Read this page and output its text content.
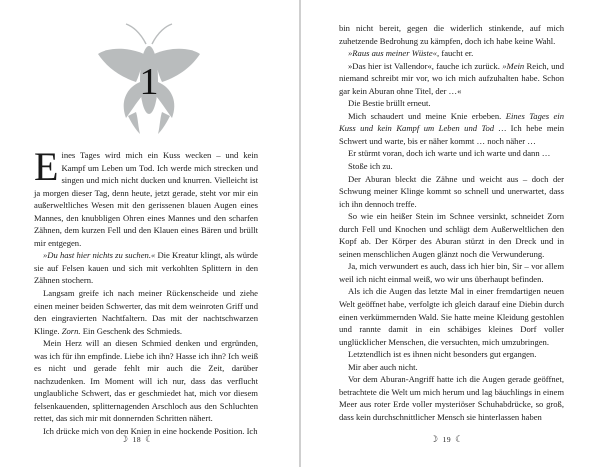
1

Eines Tages wird mich ein Kuss wecken – und kein Kampf um Leben um Tod. Ich werde mich strecken und singen und mich nicht ducken und knurren. Vielleicht ist ja morgen dieser Tag, denn heute, jetzt gerade, steht vor mir ein außerweltliches Wesen mit den gerissenen blauen Augen eines Mannes, den knubbligen Ohren eines Mannes und den scharfen Zähnen, dem kurzen Fell und den Klauen eines Bären und brüllt mir entgegen.

»Du hast hier nichts zu suchen.« Die Kreatur klingt, als würde sie auf Felsen kauen und sich mit verkohlten Splittern in den Zähnen stochern.

Langsam greife ich nach meiner Rückenscheide und ziehe einen meiner beiden Schwerter, das mit dem weinroten Griff und den eingravierten Nachtfaltern. Das mit der nachtschwarzen Klinge. Zorn. Ein Geschenk des Schmieds.

Mein Herz will an diesen Schmied denken und ergründen, was ich für ihn empfinde. Liebe ich ihn? Hasse ich ihn? Ich weiß es nicht und gerade fehlt mir auch die Zeit, darüber nachzudenken. Im Moment will ich nur, dass das verflucht unglaubliche Schwert, das er geschmiedet hat, mich vor diesem felsenkauenden, splitternagenden Arschloch aus den Schluchten rettet, das sich mir mit donnernden Schritten nähert.

Ich drücke mich von den Knien in eine hockende Position. Ich

☽ 18 ☾

bin nicht bereit, gegen die widerlich stinkende, auf mich zuhetzende Bedrohung zu kämpfen, doch ich habe keine Wahl.

»Raus aus meiner Wüste«, faucht er.

»Das hier ist Vallendor«, fauche ich zurück. »Mein Reich, und niemand schreibt mir vor, wo ich mich aufzuhalten habe. Schon gar kein Aburan ohne Titel, der …«

Die Bestie brüllt erneut.

Mich schaudert und meine Knie erbeben. Eines Tages ein Kuss und kein Kampf um Leben und Tod … Ich hebe mein Schwert und warte, bis er näher kommt … noch näher …

Er stürmt voran, doch ich warte und ich warte und dann …

Stoße ich zu.

Der Aburan bleckt die Zähne und weicht aus – doch der Schwung meiner Klinge kommt so schnell und unerwartet, dass ich ihn dennoch treffe.

So wie ein heißer Stein im Schnee versinkt, schneidet Zorn durch Fell und Knochen und schlägt dem Außerweltlichen den Kopf ab. Der Körper des Aburan stürzt in den Dreck und in seinen menschlichen Augen glänzt noch die Verwunderung.

Ja, mich verwundert es auch, dass ich hier bin, Sir – vor allem weil ich nicht einmal weiß, wo wir uns überhaupt befinden.

Als ich die Augen das letzte Mal in einer fremdartigen neuen Welt geöffnet habe, verfolgte ich gleich darauf eine Diebin durch einen verkümmernden Wald. Sie hatte meine Kleidung gestohlen und rannte damit in ein schäbiges kleines Dorf voller unglücklicher Menschen, die versuchten, mich umzubringen.

Letztendlich ist es ihnen nicht besonders gut ergangen.

Mir aber auch nicht.

Vor dem Aburan-Angriff hatte ich die Augen gerade geöffnet, betrachtete die Welt um mich herum und lag bäuchlings in einem Meer aus roter Erde voller mysteriöser Schuhabdrücke, so groß, dass kein durchschnittlicher Mensch sie hinterlassen haben

☽ 19 ☾
